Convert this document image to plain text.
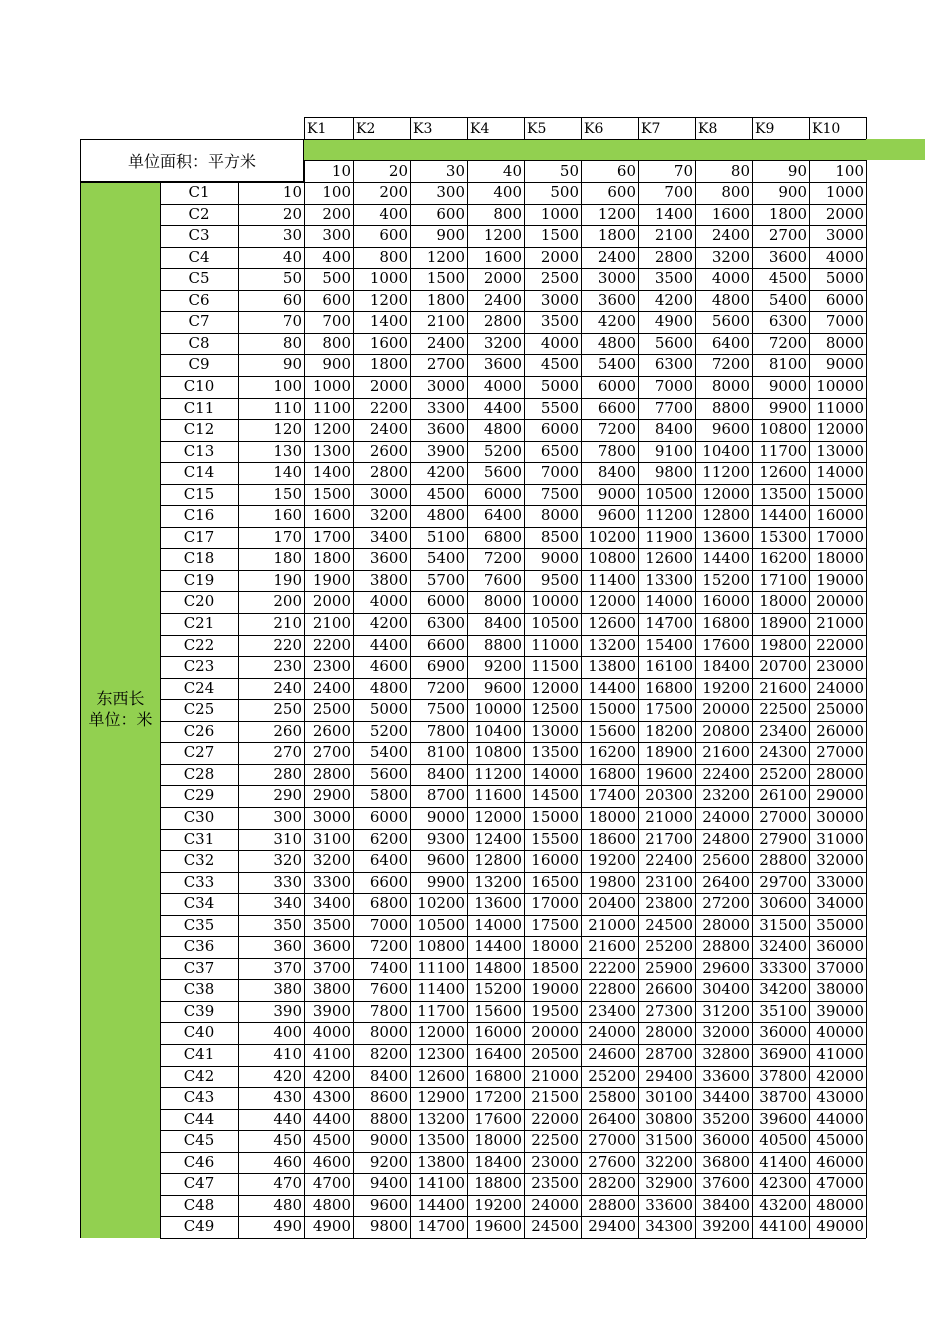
单位面积：平方米
东西长
单位：米
K1	K2	K3	K4	K5	K6	K7	K8	K9	K10
10	20	30	40	50	60	70	80	90	100
C1	10	100	200	300	400	500	600	700	800	900	1000
C2	20	200	400	600	800	1000	1200	1400	1600	1800	2000
C3	30	300	600	900	1200	1500	1800	2100	2400	2700	3000
C4	40	400	800	1200	1600	2000	2400	2800	3200	3600	4000
C5	50	500	1000	1500	2000	2500	3000	3500	4000	4500	5000
C6	60	600	1200	1800	2400	3000	3600	4200	4800	5400	6000
C7	70	700	1400	2100	2800	3500	4200	4900	5600	6300	7000
C8	80	800	1600	2400	3200	4000	4800	5600	6400	7200	8000
C9	90	900	1800	2700	3600	4500	5400	6300	7200	8100	9000
C10	100 1000	2000	3000	4000	5000	6000	7000	8000	9000 10000
C11	110 1100	2200	3300	4400	5500	6600	7700	8800	9900 11000
C12	120 1200	2400	3600	4800	6000	7200	8400	9600 10800 12000
C13	130 1300	2600	3900	5200	6500	7800	9100 10400 11700 13000
C14	140 1400	2800	4200	5600	7000	8400	9800 11200 12600 14000
C15	150 1500	3000	4500	6000	7500	9000 10500 12000 13500 15000
C16	160 1600	3200	4800	6400	8000	9600 11200 12800 14400 16000
C17	170 1700	3400	5100	6800	8500 10200 11900 13600 15300 17000
C18	180 1800	3600	5400	7200	9000 10800 12600 14400 16200 18000
C19	190 1900	3800	5700	7600	9500 11400 13300 15200 17100 19000
C20	200 2000	4000	6000	8000 10000 12000 14000 16000 18000 20000
C21	210 2100	4200	6300	8400 10500 12600 14700 16800 18900 21000
C22	220 2200	4400	6600	8800 11000 13200 15400 17600 19800 22000
C23	230 2300	4600	6900	9200 11500 13800 16100 18400 20700 23000
C24	240 2400	4800	7200	9600 12000 14400 16800 19200 21600 24000
C25	250 2500	5000	7500 10000 12500 15000 17500 20000 22500 25000
C26	260 2600	5200	7800 10400 13000 15600 18200 20800 23400 26000
C27	270 2700	5400	8100 10800 13500 16200 18900 21600 24300 27000
C28	280 2800	5600	8400 11200 14000 16800 19600 22400 25200 28000
C29	290 2900	5800	8700 11600 14500 17400 20300 23200 26100 29000
C30	300 3000	6000	9000 12000 15000 18000 21000 24000 27000 30000
C31	310 3100	6200	9300 12400 15500 18600 21700 24800 27900 31000
C32	320 3200	6400	9600 12800 16000 19200 22400 25600 28800 32000
C33	330 3300	6600	9900 13200 16500 19800 23100 26400 29700 33000
C34	340 3400	6800 10200 13600 17000 20400 23800 27200 30600 34000
C35	350 3500	7000 10500 14000 17500 21000 24500 28000 31500 35000
C36	360 3600	7200 10800 14400 18000 21600 25200 28800 32400 36000
C37	370 3700	7400 11100 14800 18500 22200 25900 29600 33300 37000
C38	380 3800	7600 11400 15200 19000 22800 26600 30400 34200 38000
C39	390 3900	7800 11700 15600 19500 23400 27300 31200 35100 39000
C40	400 4000	8000 12000 16000 20000 24000 28000 32000 36000 40000
C41	410 4100	8200 12300 16400 20500 24600 28700 32800 36900 41000
C42	420 4200	8400 12600 16800 21000 25200 29400 33600 37800 42000
C43	430 4300	8600 12900 17200 21500 25800 30100 34400 38700 43000
C44	440 4400	8800 13200 17600 22000 26400 30800 35200 39600 44000
C45	450 4500	9000 13500 18000 22500 27000 31500 36000 40500 45000
C46	460 4600	9200 13800 18400 23000 27600 32200 36800 41400 46000
C47	470 4700	9400 14100 18800 23500 28200 32900 37600 42300 47000
C48	480 4800	9600 14400 19200 24000 28800 33600 38400 43200 48000
C49	490 4900	9800 14700 19600 24500 29400 34300 39200 44100 49000
